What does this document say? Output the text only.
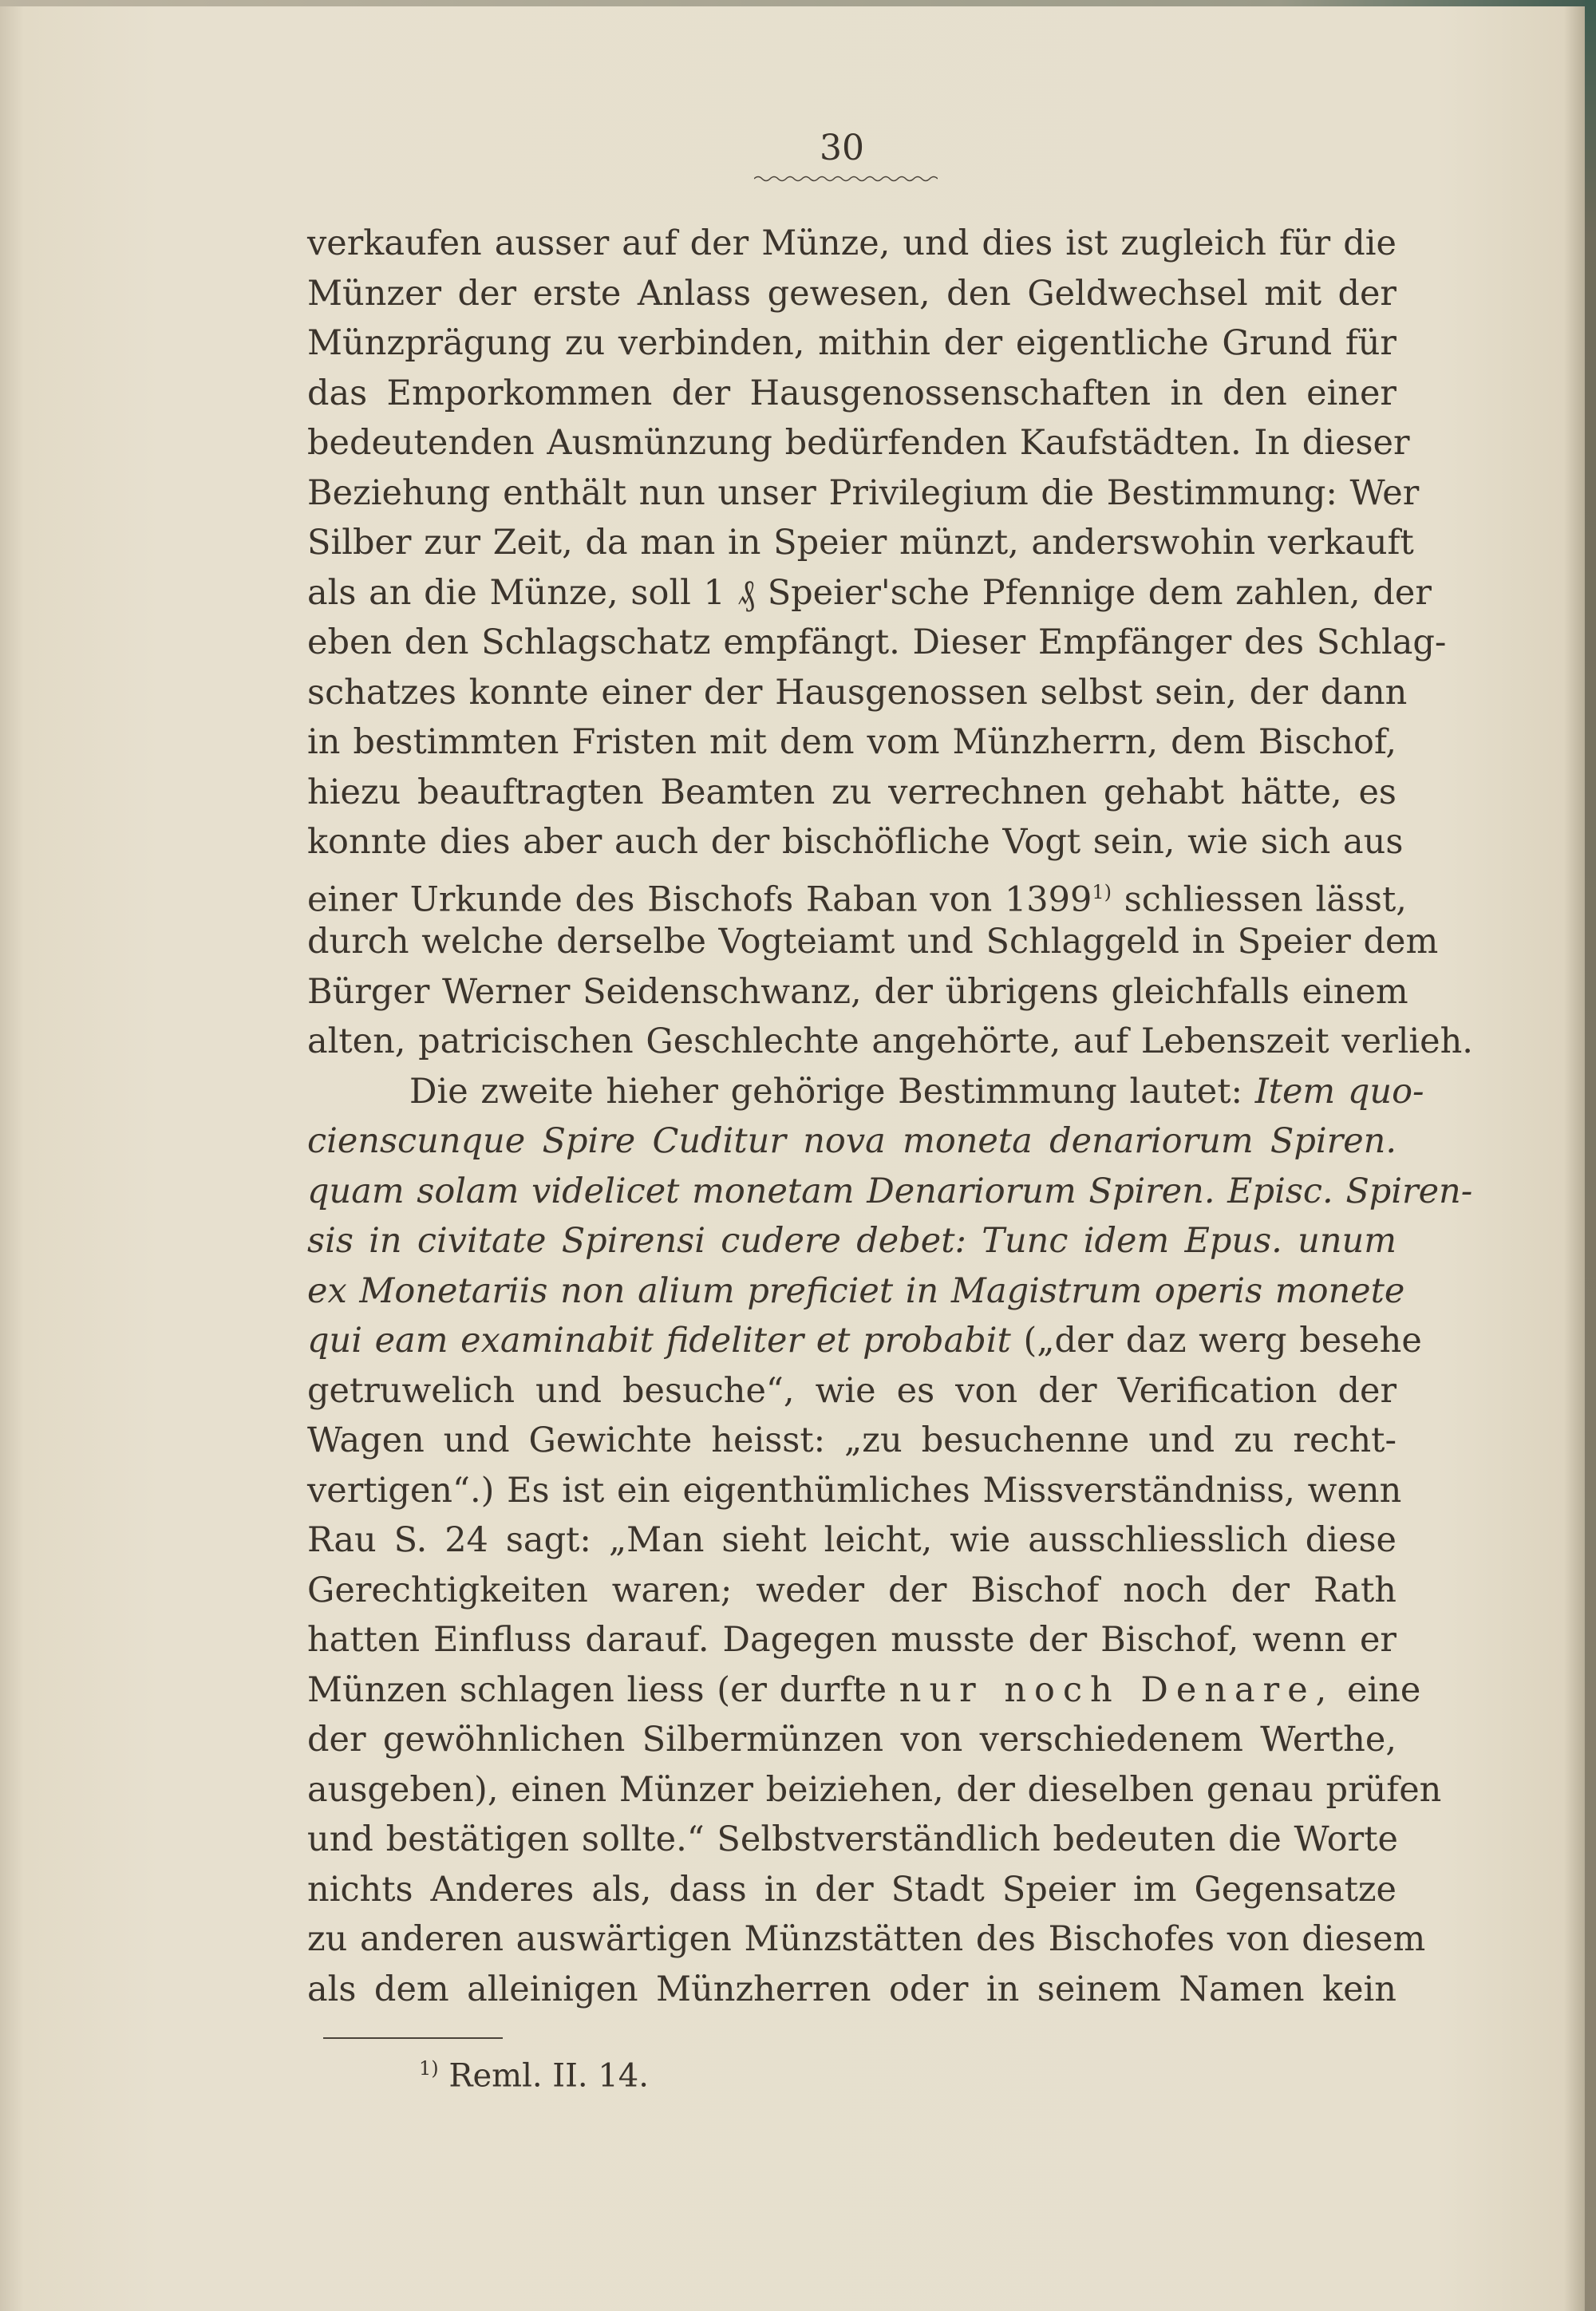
30
verkaufen ausser auf der Münze, und dies ist zugleich für die
Münzer der erste Anlass gewesen, den Geldwechsel mit der
Münzprägung zu verbinden, mithin der eigentliche Grund für
das Emporkommen der Hausgenossenschaften in den einer
bedeutenden Ausmünzung bedürfenden Kaufstädten. In dieser
Beziehung enthält nun unser Privilegium die Bestimmung: Wer
Silber zur Zeit, da man in Speier münzt, anderswohin verkauft
als an die Münze, soll 1 ₰ Speier'sche Pfennige dem zahlen, der
eben den Schlagschatz empfängt. Dieser Empfänger des Schlag-
schatzes konnte einer der Hausgenossen selbst sein, der dann
in bestimmten Fristen mit dem vom Münzherrn, dem Bischof,
hiezu beauftragten Beamten zu verrechnen gehabt hätte, es
konnte dies aber auch der bischöfliche Vogt sein, wie sich aus
einer Urkunde des Bischofs Raban von 1399$^{1)}$ schliessen lässt,
durch welche derselbe Vogteiamt und Schlaggeld in Speier dem
Bürger Werner Seidenschwanz, der übrigens gleichfalls einem
alten, patricischen Geschlechte angehörte, auf Lebenszeit verlieh.
Die zweite hieher gehörige Bestimmung lautet: Item quo-
cienscunque Spire Cuditur nova moneta denariorum Spiren.
quam solam videlicet monetam Denariorum Spiren. Episc. Spiren-
sis in civitate Spirensi cudere debet: Tunc idem Epus. unum
ex Monetariis non alium preficiet in Magistrum operis monete
qui eam examinabit fideliter et probabit („der daz werg besehe
getruwelich und besuche“, wie es von der Verification der
Wagen und Gewichte heisst: „zu besuchenne und zu recht-
vertigen“.) Es ist ein eigenthümliches Missverständniss, wenn
Rau S. 24 sagt: „Man sieht leicht, wie ausschliesslich diese
Gerechtigkeiten waren; weder der Bischof noch der Rath
hatten Einfluss darauf. Dagegen musste der Bischof, wenn er
Münzen schlagen liess (er durfte nur noch Denare, eine
der gewöhnlichen Silbermünzen von verschiedenem Werthe,
ausgeben), einen Münzer beiziehen, der dieselben genau prüfen
und bestätigen sollte.“ Selbstverständlich bedeuten die Worte
nichts Anderes als, dass in der Stadt Speier im Gegensatze
zu anderen auswärtigen Münzstätten des Bischofes von diesem
als dem alleinigen Münzherren oder in seinem Namen kein
$^{1)}$ Reml. II. 14.
